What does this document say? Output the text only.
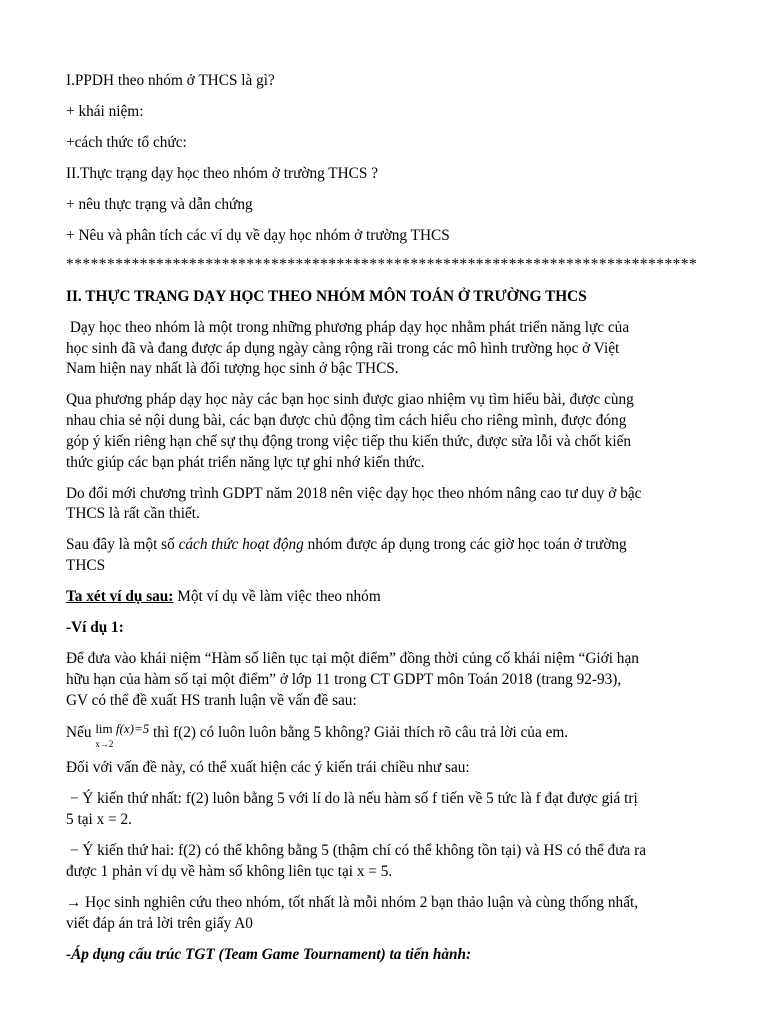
I.PPDH theo nhóm ở THCS là gì?
+ khái niệm:
+cách thức tổ chức:
II.Thực trạng dạy học theo nhóm ở trường THCS ?
+ nêu thực trạng và dẫn chứng
+ Nêu và phân tích các ví dụ về dạy học nhóm ở trường THCS
*****************************************************************************
II. THỰC TRẠNG DẠY HỌC THEO NHÓM MÔN TOÁN Ở TRƯỜNG THCS
Dạy học theo nhóm là một trong những phương pháp dạy học nhằm phát triển năng lực của
học sinh đã và đang được áp dụng ngày càng rộng rãi trong các mô hình trường học ở Việt
Nam hiện nay nhất là đối tượng học sinh ở bậc THCS.
Qua phương pháp dạy học này các bạn học sinh được giao nhiệm vụ tìm hiểu bài, được cùng
nhau chia sẻ nội dung bài, các bạn được chủ động tìm cách hiểu cho riêng mình, được đóng
góp ý kiến riêng hạn chế sự thụ động trong việc tiếp thu kiến thức, được sửa lỗi và chốt kiến
thức giúp các bạn phát triển năng lực tự ghi nhớ kiến thức.
Do đổi mới chương trình GDPT năm 2018 nên việc dạy học theo nhóm nâng cao tư duy ở bậc
THCS là rất cần thiết.
Sau đây là một số cách thức hoạt động nhóm được áp dụng trong các giờ học toán ở trường
THCS
Ta xét ví dụ sau: Một ví dụ về làm việc theo nhóm
-Ví dụ 1:
Để đưa vào khái niệm “Hàm số liên tục tại một điểm” đồng thời củng cố khái niệm “Giới hạn
hữu hạn của hàm số tại một điểm” ở lớp 11 trong CT GDPT môn Toán 2018 (trang 92-93),
GV có thể đề xuất HS tranh luận về vấn đề sau:
Nếu $^{lim f(x)=5}$
x→2
thì f(2) có luôn luôn bằng 5 không? Giải thích rõ câu trả lời của em.
Đối với vấn đề này, có thể xuất hiện các ý kiến trái chiều như sau:
− Ý kiến thứ nhất: f(2) luôn bằng 5 với lí do là nếu hàm số f tiến về 5 tức là f đạt được giá trị
5 tại x = 2.
− Ý kiến thứ hai: f(2) có thể không bằng 5 (thậm chí có thể không tồn tại) và HS có thể đưa ra
được 1 phản ví dụ về hàm số không liên tục tại x = 5.
→ Học sinh nghiên cứu theo nhóm, tốt nhất là mỗi nhóm 2 bạn thảo luận và cùng thống nhất,
viết đáp án trả lời trên giấy A0
-Áp dụng cấu trúc TGT (Team Game Tournament) ta tiến hành:
